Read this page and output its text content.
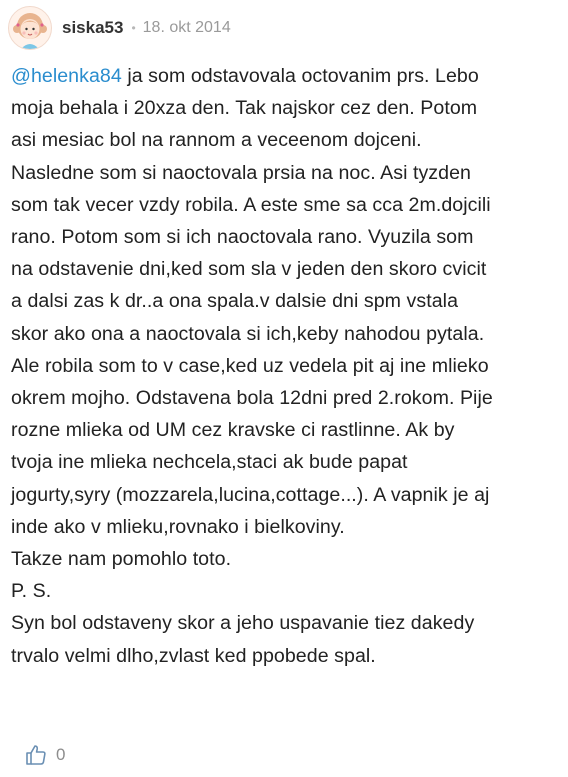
siska53 • 18. okt 2014
@helenka84 ja som odstavovala octovanim prs. Lebo
moja behala i 20xza den. Tak najskor cez den. Potom
asi mesiac bol na rannom a veceenom dojceni.
Nasledne som si naoctovala prsia na noc. Asi tyzden
som tak vecer vzdy robila. A este sme sa cca 2m.dojcili
rano. Potom som si ich naoctovala rano. Vyuzila som
na odstavenie dni,ked som sla v jeden den skoro cvicit
a dalsi zas k dr..a ona spala.v dalsie dni spm vstala
skor ako ona a naoctovala si ich,keby nahodou pytala.
Ale robila som to v case,ked uz vedela pit aj ine mlieko
okrem mojho. Odstavena bola 12dni pred 2.rokom. Pije
rozne mlieka od UM cez kravske ci rastlinne. Ak by
tvoja ine mlieka nechcela,staci ak bude papat
jogurty,syry (mozzarela,lucina,cottage...). A vapnik je aj
inde ako v mlieku,rovnako i bielkoviny.
Takze nam pomohlo toto.
P. S.
Syn bol odstaveny skor a jeho uspavanie tiez dakedy
trvalo velmi dlho,zvlast ked ppobede spal.
0
